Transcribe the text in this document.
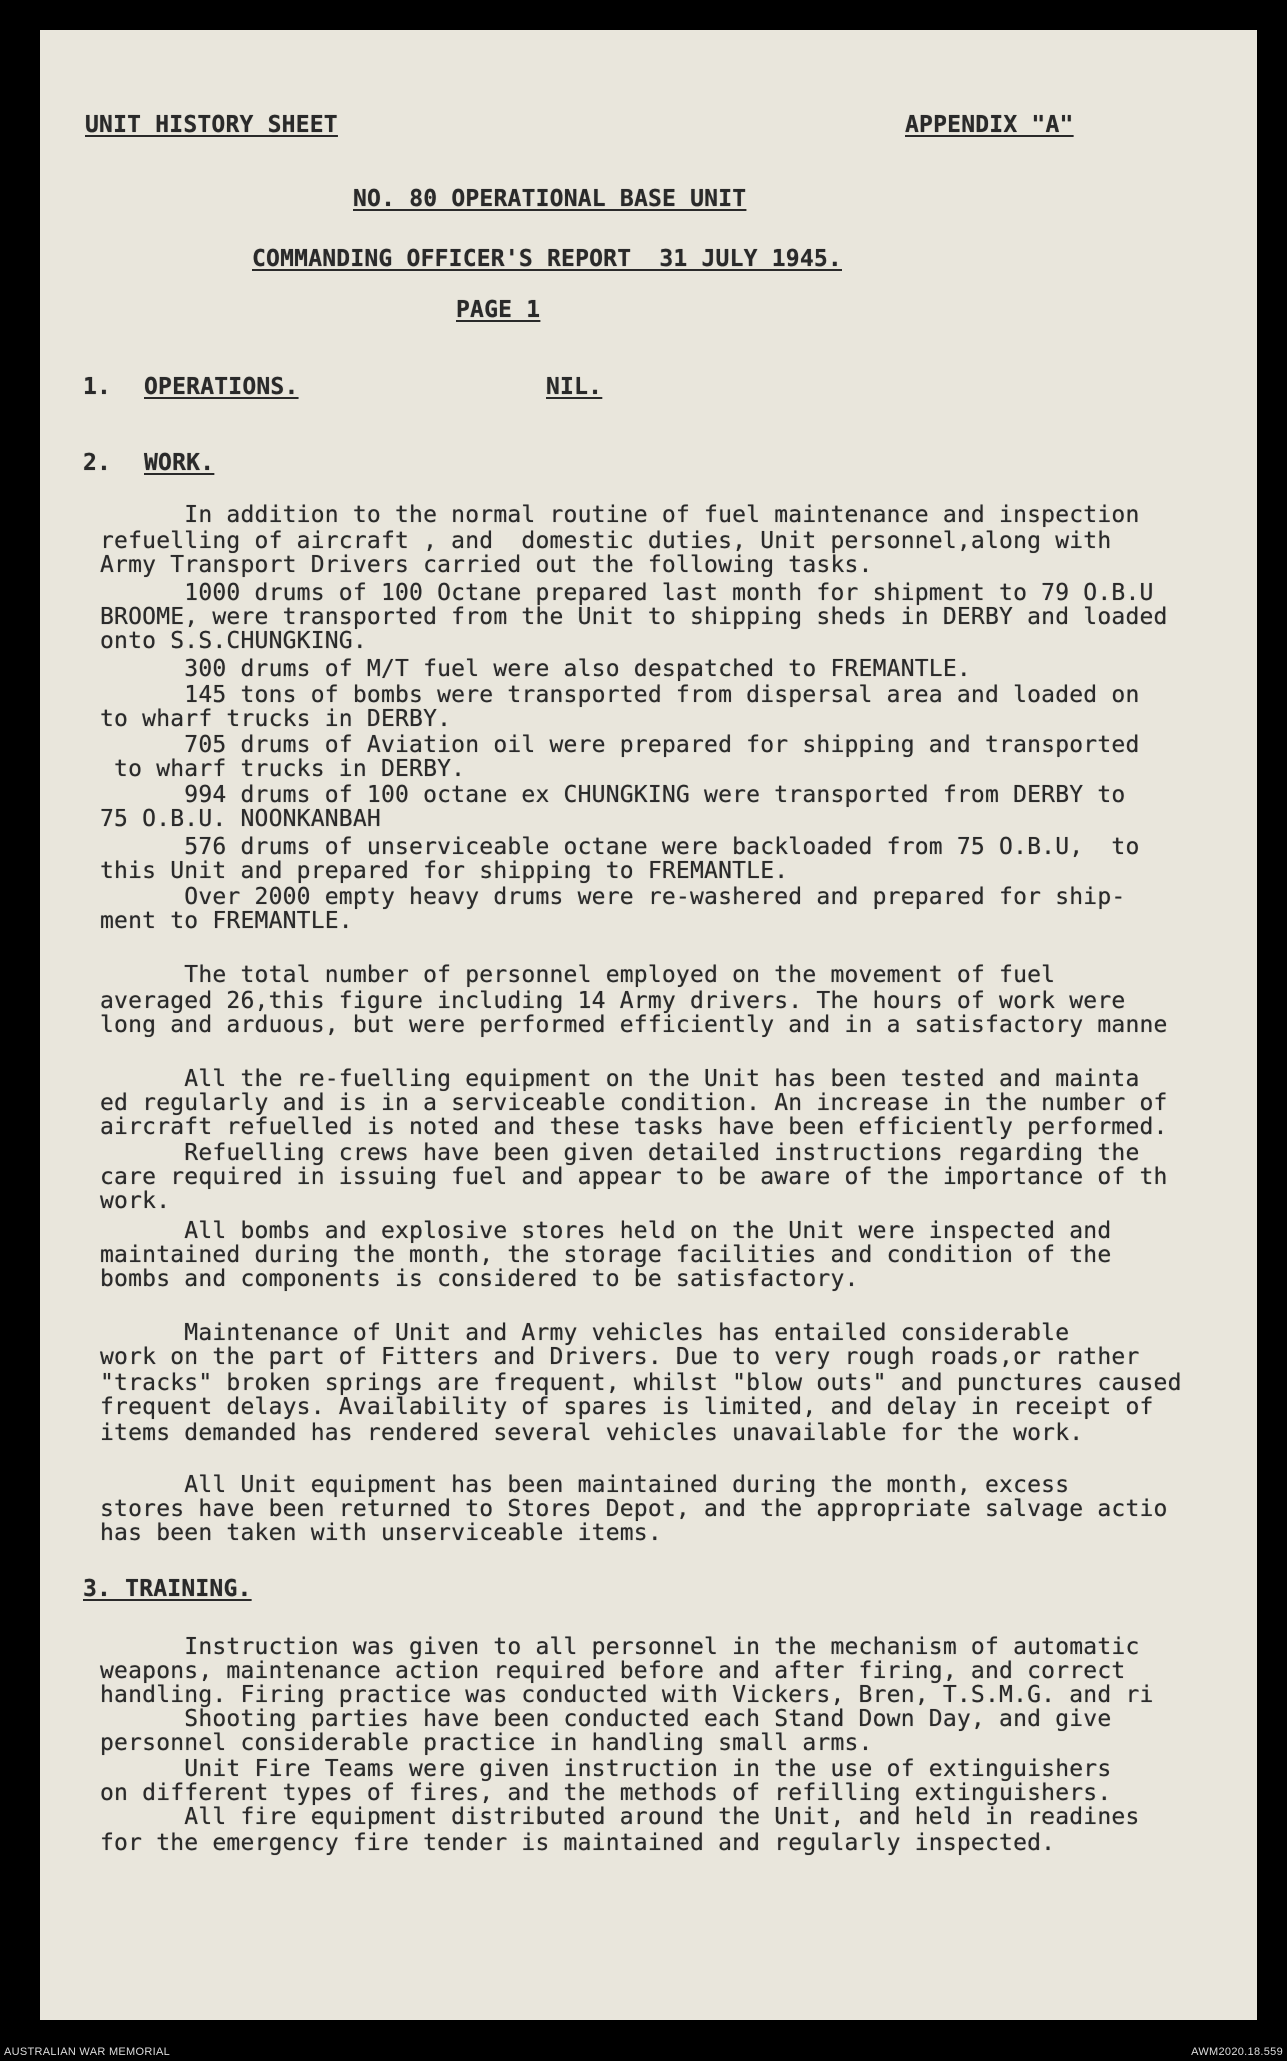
UNIT HISTORY SHEET	APPENDIX "A"
NO. 80 OPERATIONAL BASE UNIT
COMMANDING OFFICER'S REPORT  31 JULY 1945.
PAGE 1
1. OPERATIONS.	NIL.
2. WORK.
In addition to the normal routine of fuel maintenance and inspection
refuelling of aircraft , and  domestic duties, Unit personnel,along with
Army Transport Drivers carried out the following tasks.
1000 drums of 100 Octane prepared last month for shipment to 79 O.B.U
BROOME, were transported from the Unit to shipping sheds in DERBY and loaded
onto S.S.CHUNGKING.
300 drums of M/T fuel were also despatched to FREMANTLE.
145 tons of bombs were transported from dispersal area and loaded on
to wharf trucks in DERBY.
705 drums of Aviation oil were prepared for shipping and transported
to wharf trucks in DERBY.
994 drums of 100 octane ex CHUNGKING were transported from DERBY to
75 O.B.U. NOONKANBAH
576 drums of unserviceable octane were backloaded from 75 O.B.U,  to
this Unit and prepared for shipping to FREMANTLE.
Over 2000 empty heavy drums were re-washered and prepared for ship-
ment to FREMANTLE.
The total number of personnel employed on the movement of fuel
averaged 26,this figure including 14 Army drivers. The hours of work were
long and arduous, but were performed efficiently and in a satisfactory manne
All the re-fuelling equipment on the Unit has been tested and mainta
ed regularly and is in a serviceable condition. An increase in the number of
aircraft refuelled is noted and these tasks have been efficiently performed.
Refuelling crews have been given detailed instructions regarding the
care required in issuing fuel and appear to be aware of the importance of th
work.
All bombs and explosive stores held on the Unit were inspected and
maintained during the month, the storage facilities and condition of the
bombs and components is considered to be satisfactory.
Maintenance of Unit and Army vehicles has entailed considerable
work on the part of Fitters and Drivers. Due to very rough roads,or rather
"tracks" broken springs are frequent, whilst "blow outs" and punctures caused
frequent delays. Availability of spares is limited, and delay in receipt of
items demanded has rendered several vehicles unavailable for the work.
All Unit equipment has been maintained during the month, excess
stores have been returned to Stores Depot, and the appropriate salvage actio
has been taken with unserviceable items.
3. TRAINING.
Instruction was given to all personnel in the mechanism of automatic
weapons, maintenance action required before and after firing, and correct
handling. Firing practice was conducted with Vickers, Bren, T.S.M.G. and ri
Shooting parties have been conducted each Stand Down Day, and give
personnel considerable practice in handling small arms.
Unit Fire Teams were given instruction in the use of extinguishers
on different types of fires, and the methods of refilling extinguishers.
All fire equipment distributed around the Unit, and held in readines
for the emergency fire tender is maintained and regularly inspected.
AUSTRALIAN WAR MEMORIAL	AWM2020.18.559
